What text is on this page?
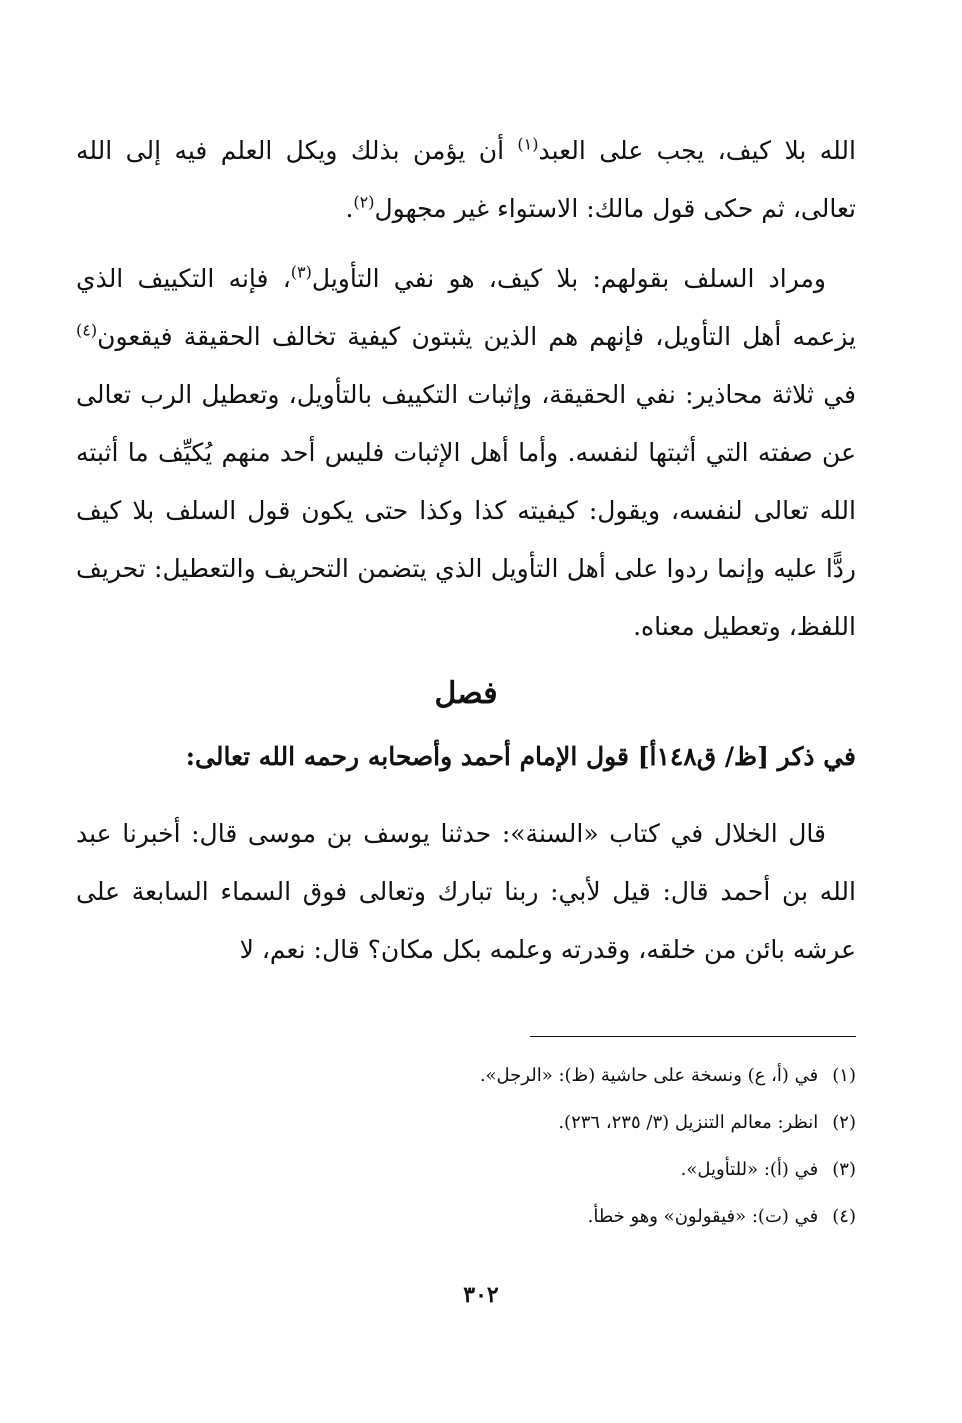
الله بلا كيف، يجب على العبد$^{(١)}$ أن يؤمن بذلك ويكل العلم فيه إلى الله تعالى، ثم حكى قول مالك: الاستواء غير مجهول$^{(٢)}$.

ومراد السلف بقولهم: بلا كيف، هو نفي التأويل$^{(٣)}$، فإنه التكييف الذي يزعمه أهل التأويل، فإنهم هم الذين يثبتون كيفية تخالف الحقيقة فيقعون$^{(٤)}$ في ثلاثة محاذير: نفي الحقيقة، وإثبات التكييف بالتأويل، وتعطيل الرب تعالى عن صفته التي أثبتها لنفسه. وأما أهل الإثبات فليس أحد منهم يُكيِّف ما أثبته الله تعالى لنفسه، ويقول: كيفيته كذا وكذا حتى يكون قول السلف بلا كيف ردًّا عليه وإنما ردوا على أهل التأويل الذي يتضمن التحريف والتعطيل: تحريف اللفظ، وتعطيل معناه.

فصل
في ذكر [ظ/ ق١٤٨أ] قول الإمام أحمد وأصحابه رحمه الله تعالى:

قال الخلال في كتاب «السنة»: حدثنا يوسف بن موسى قال: أخبرنا عبد الله بن أحمد قال: قيل لأبي: ربنا تبارك وتعالى فوق السماء السابعة على عرشه بائن من خلقه، وقدرته وعلمه بكل مكان؟ قال: نعم، لا

(١)في (أ، ع) ونسخة على حاشية (ظ): «الرجل».
(٢)انظر: معالم التنزيل (٣/ ٢٣٥، ٢٣٦).
(٣)في (أ): «للتأويل».
(٤)في (ت): «فيقولون» وهو خطأ.
٣٠٢
